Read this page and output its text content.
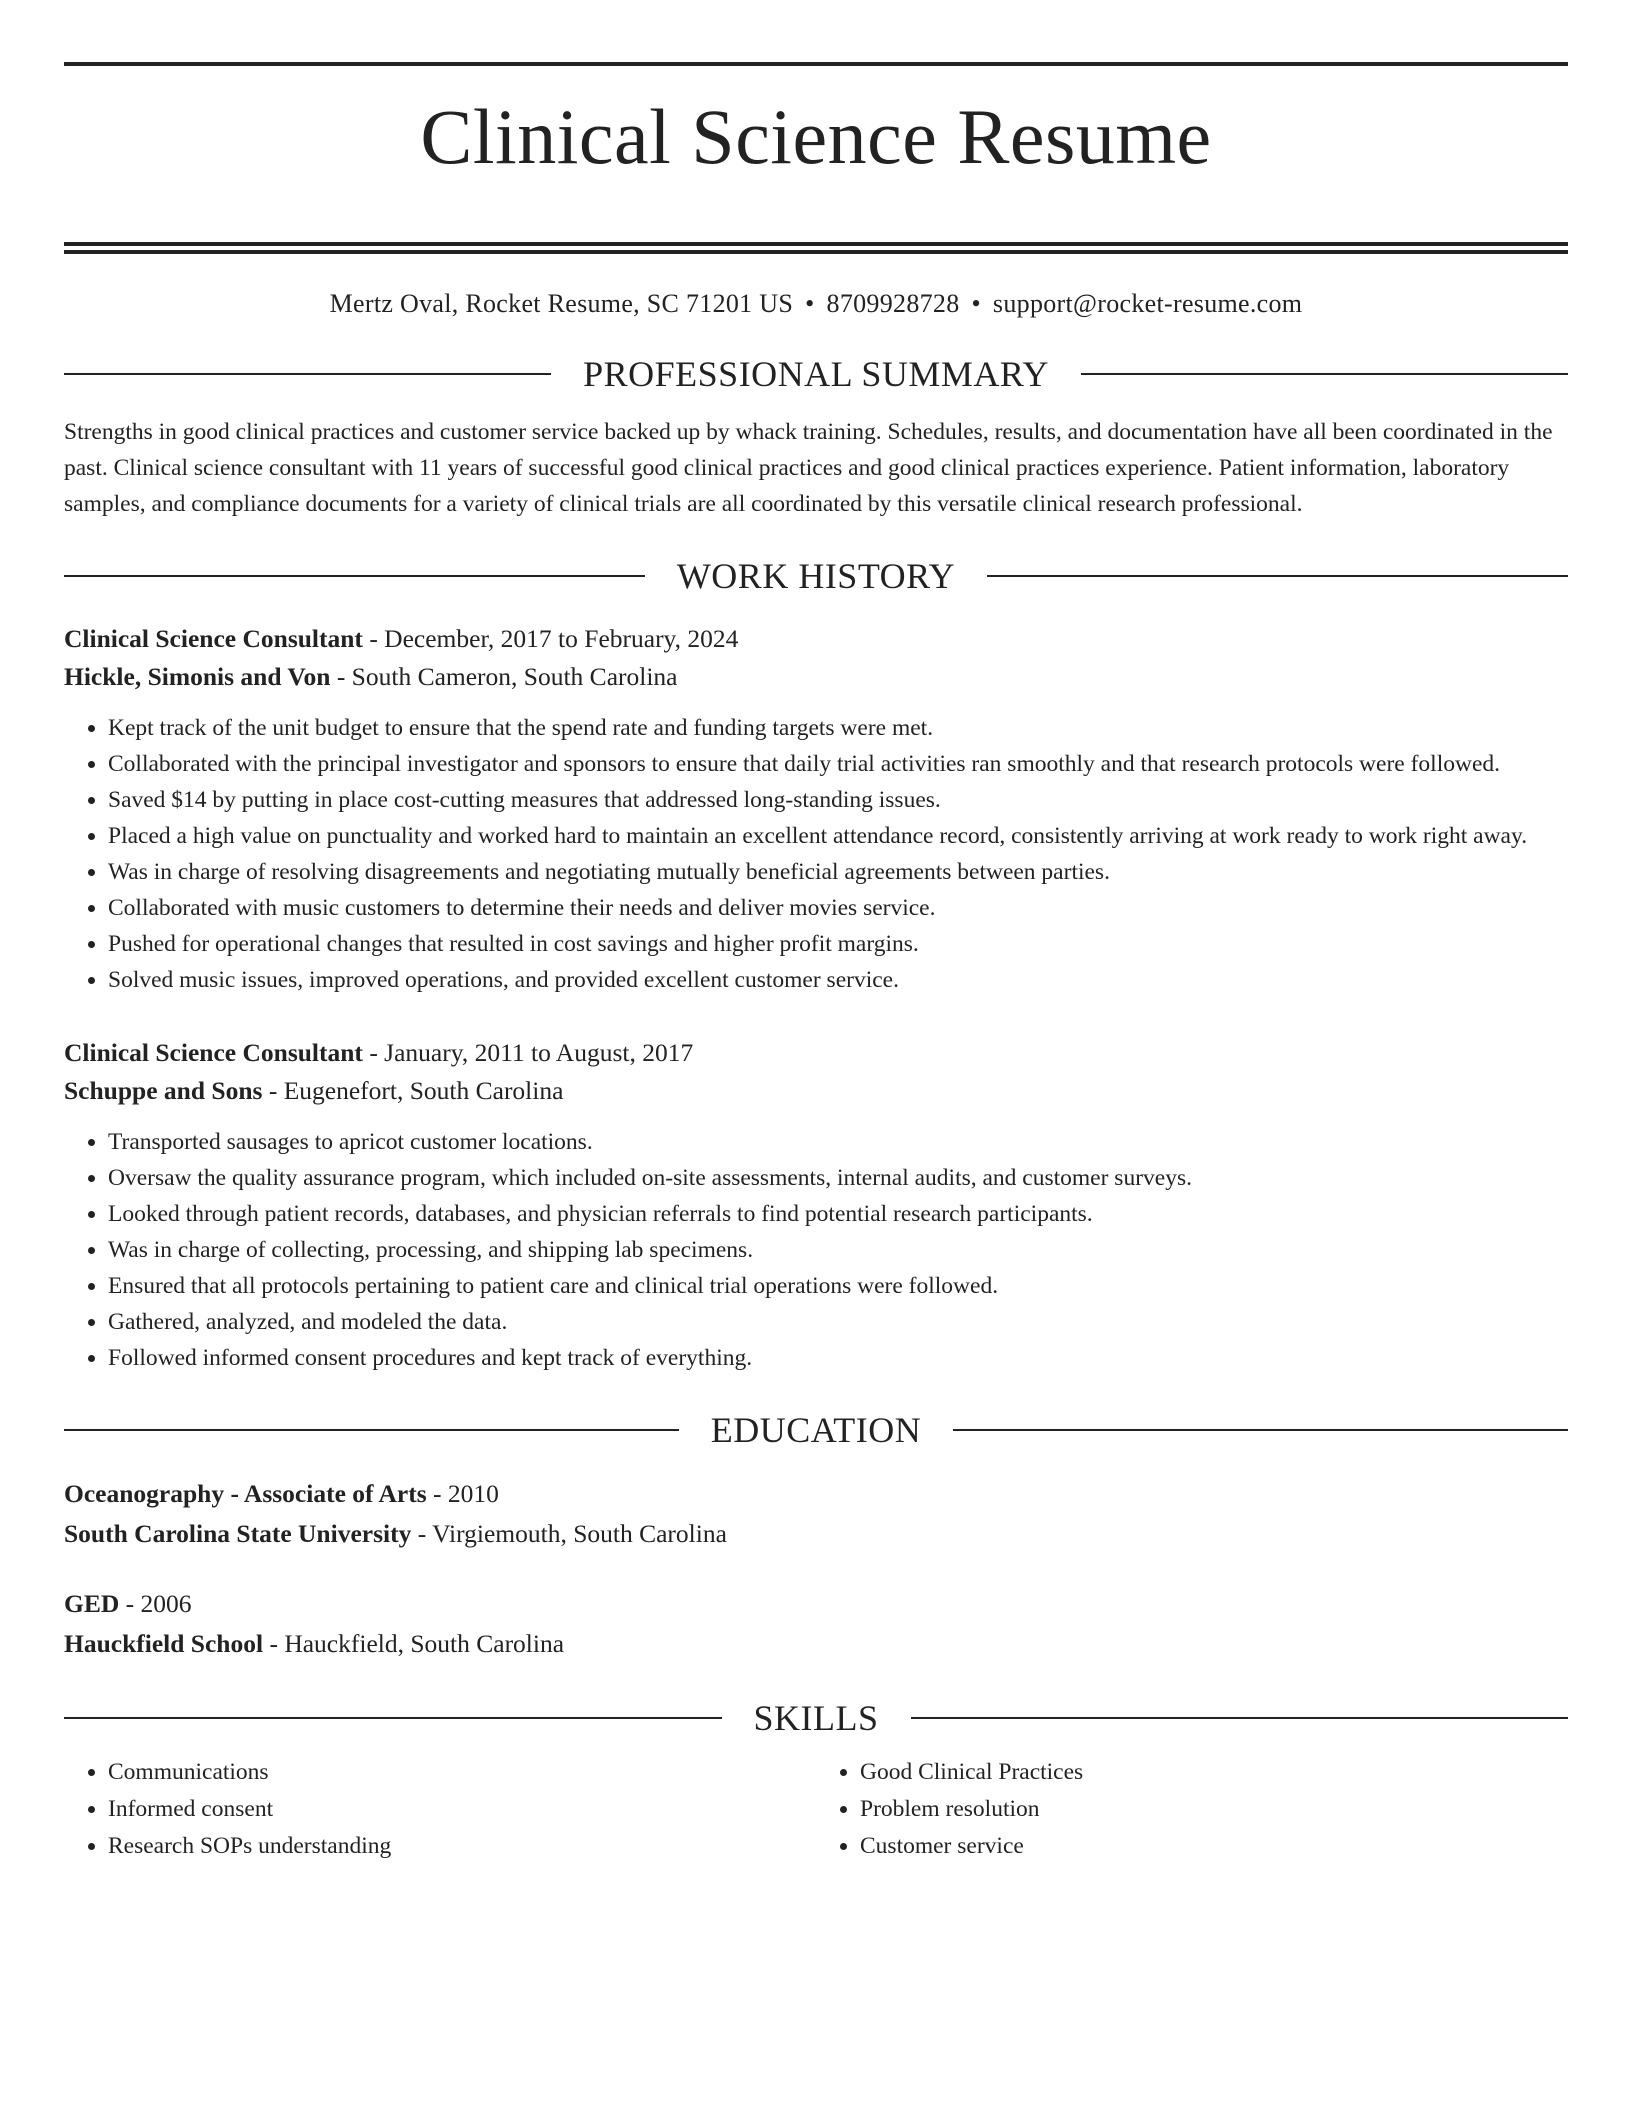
Clinical Science Resume
Mertz Oval, Rocket Resume, SC 71201 US • 8709928728 • support@rocket-resume.com
PROFESSIONAL SUMMARY
Strengths in good clinical practices and customer service backed up by whack training. Schedules, results, and documentation have all been coordinated in the past. Clinical science consultant with 11 years of successful good clinical practices and good clinical practices experience. Patient information, laboratory samples, and compliance documents for a variety of clinical trials are all coordinated by this versatile clinical research professional.
WORK HISTORY
Clinical Science Consultant - December, 2017 to February, 2024
Hickle, Simonis and Von - South Cameron, South Carolina
• Kept track of the unit budget to ensure that the spend rate and funding targets were met.
• Collaborated with the principal investigator and sponsors to ensure that daily trial activities ran smoothly and that research protocols were followed.
• Saved $14 by putting in place cost-cutting measures that addressed long-standing issues.
• Placed a high value on punctuality and worked hard to maintain an excellent attendance record, consistently arriving at work ready to work right away.
• Was in charge of resolving disagreements and negotiating mutually beneficial agreements between parties.
• Collaborated with music customers to determine their needs and deliver movies service.
• Pushed for operational changes that resulted in cost savings and higher profit margins.
• Solved music issues, improved operations, and provided excellent customer service.
Clinical Science Consultant - January, 2011 to August, 2017
Schuppe and Sons - Eugenefort, South Carolina
• Transported sausages to apricot customer locations.
• Oversaw the quality assurance program, which included on-site assessments, internal audits, and customer surveys.
• Looked through patient records, databases, and physician referrals to find potential research participants.
• Was in charge of collecting, processing, and shipping lab specimens.
• Ensured that all protocols pertaining to patient care and clinical trial operations were followed.
• Gathered, analyzed, and modeled the data.
• Followed informed consent procedures and kept track of everything.
EDUCATION
Oceanography - Associate of Arts - 2010
South Carolina State University - Virgiemouth, South Carolina
GED - 2006
Hauckfield School - Hauckfield, South Carolina
SKILLS
• Communications
• Informed consent
• Research SOPs understanding
• Good Clinical Practices
• Problem resolution
• Customer service
